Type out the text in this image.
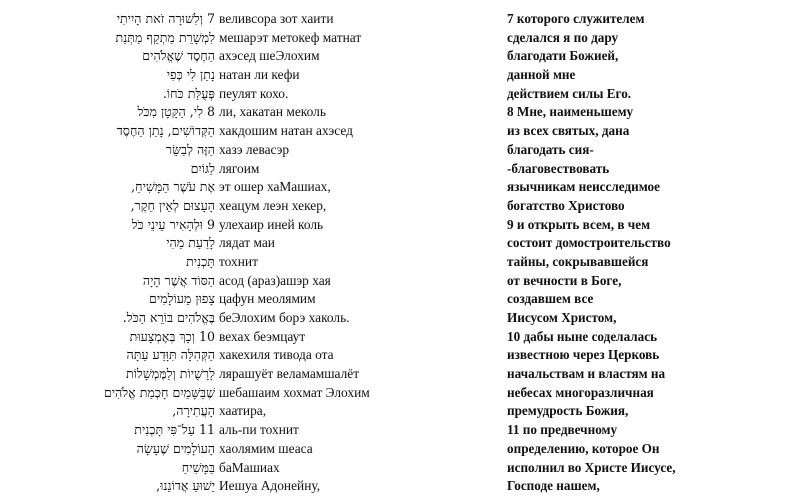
7 וְלִשׁוּרָה זֹאת הָיִיתִי
לִמְשָׁרֵת מַתְקֵף מַתְּנַת
הַחֶסֶד שֶׁאֱלֹהִים
נָתַן לִי כְּפִי
פְּעֻלַּת כֹּחוֹ.
8 לִי, הַקָּטָן מִכֹּל
הַקְּדוֹשִׁים, נָתַן הַחֶסֶד
הַזֶּה לְבַשֵּׂר
לַגּוֹיִם
אֶת עֹשֶׁר הַמָּשִׁיחַ,
הָעָצוּם לְאֵין חֵקֶר,
9 וּלְהָאִיר עֵינֵי כֹּל
לָדַעַת מַהִי
תָּכְנִית
הַסּוֹד אֲשֶׁר הָיָה
צָפוּן מֵעוֹלָמִים
בֶּאֱלֹהִים בּוֹרֵא הַכֹּל.
10 וְכָךְ בְּאֶמְצָעוּת
הַקְּהִלָּה תִּוָּדַע עַתָּה
לָרָשֻׁיוֹת וְלַמֶּמְשָׁלוֹת
שֶׁבַּשָּׁמַיִם חָכְמַת אֱלֹהִים
הָעֲתִירָה,
11 עַל־פִּי תָּכְנִית
הָעוֹלָמִים שֶׁעָשָׂה
בַּמָּשִׁיחַ
יֵשׁוּעַ אֲדוֹנֵנוּ,
веливсора зот хаити
мешарэт метокеф матнат
ахэсед шеЭлохим
натан ли кефи
пеулят кохо.
ли, хакатан меколь
хакдошим натан ахэсед
хазэ левасэр
лягоим
эт ошер хаМашиах,
хеацум леэн хекер,
улехаир иней коль
лядат маи
тохнит
асод (араз)ашэр хая
цафун меолямим
беЭлохим борэ хаколь.
вехах беэмцаут
хакехиля тивода ота
лярашуёт веламамшалёт
шебашаим хохмат Элохим
хаатира,
аль-пи тохнит
хаолямим шеаса
баМашиах
Иешуа Адонейну,
7 которого служителем
сделался я по дару
благодати Божией,
данной мне
действием силы Его.
8 Мне, наименьшему
из всех святых, дана
благодать сия-
-благовествовать
язычникам неисследимое
богатство Христово
9 и открыть всем, в чем
состоит домостроительство
тайны, сокрывавшейся
от вечности в Боге,
создавшем все
Иисусом Христом,
10 дабы ныне соделалась
известною через Церковь
начальствам и властям на
небесах многоразличная
премудрость Божия,
11 по предвечному
определению, которое Он
исполнил во Христе Иисусе,
Господе нашем,
